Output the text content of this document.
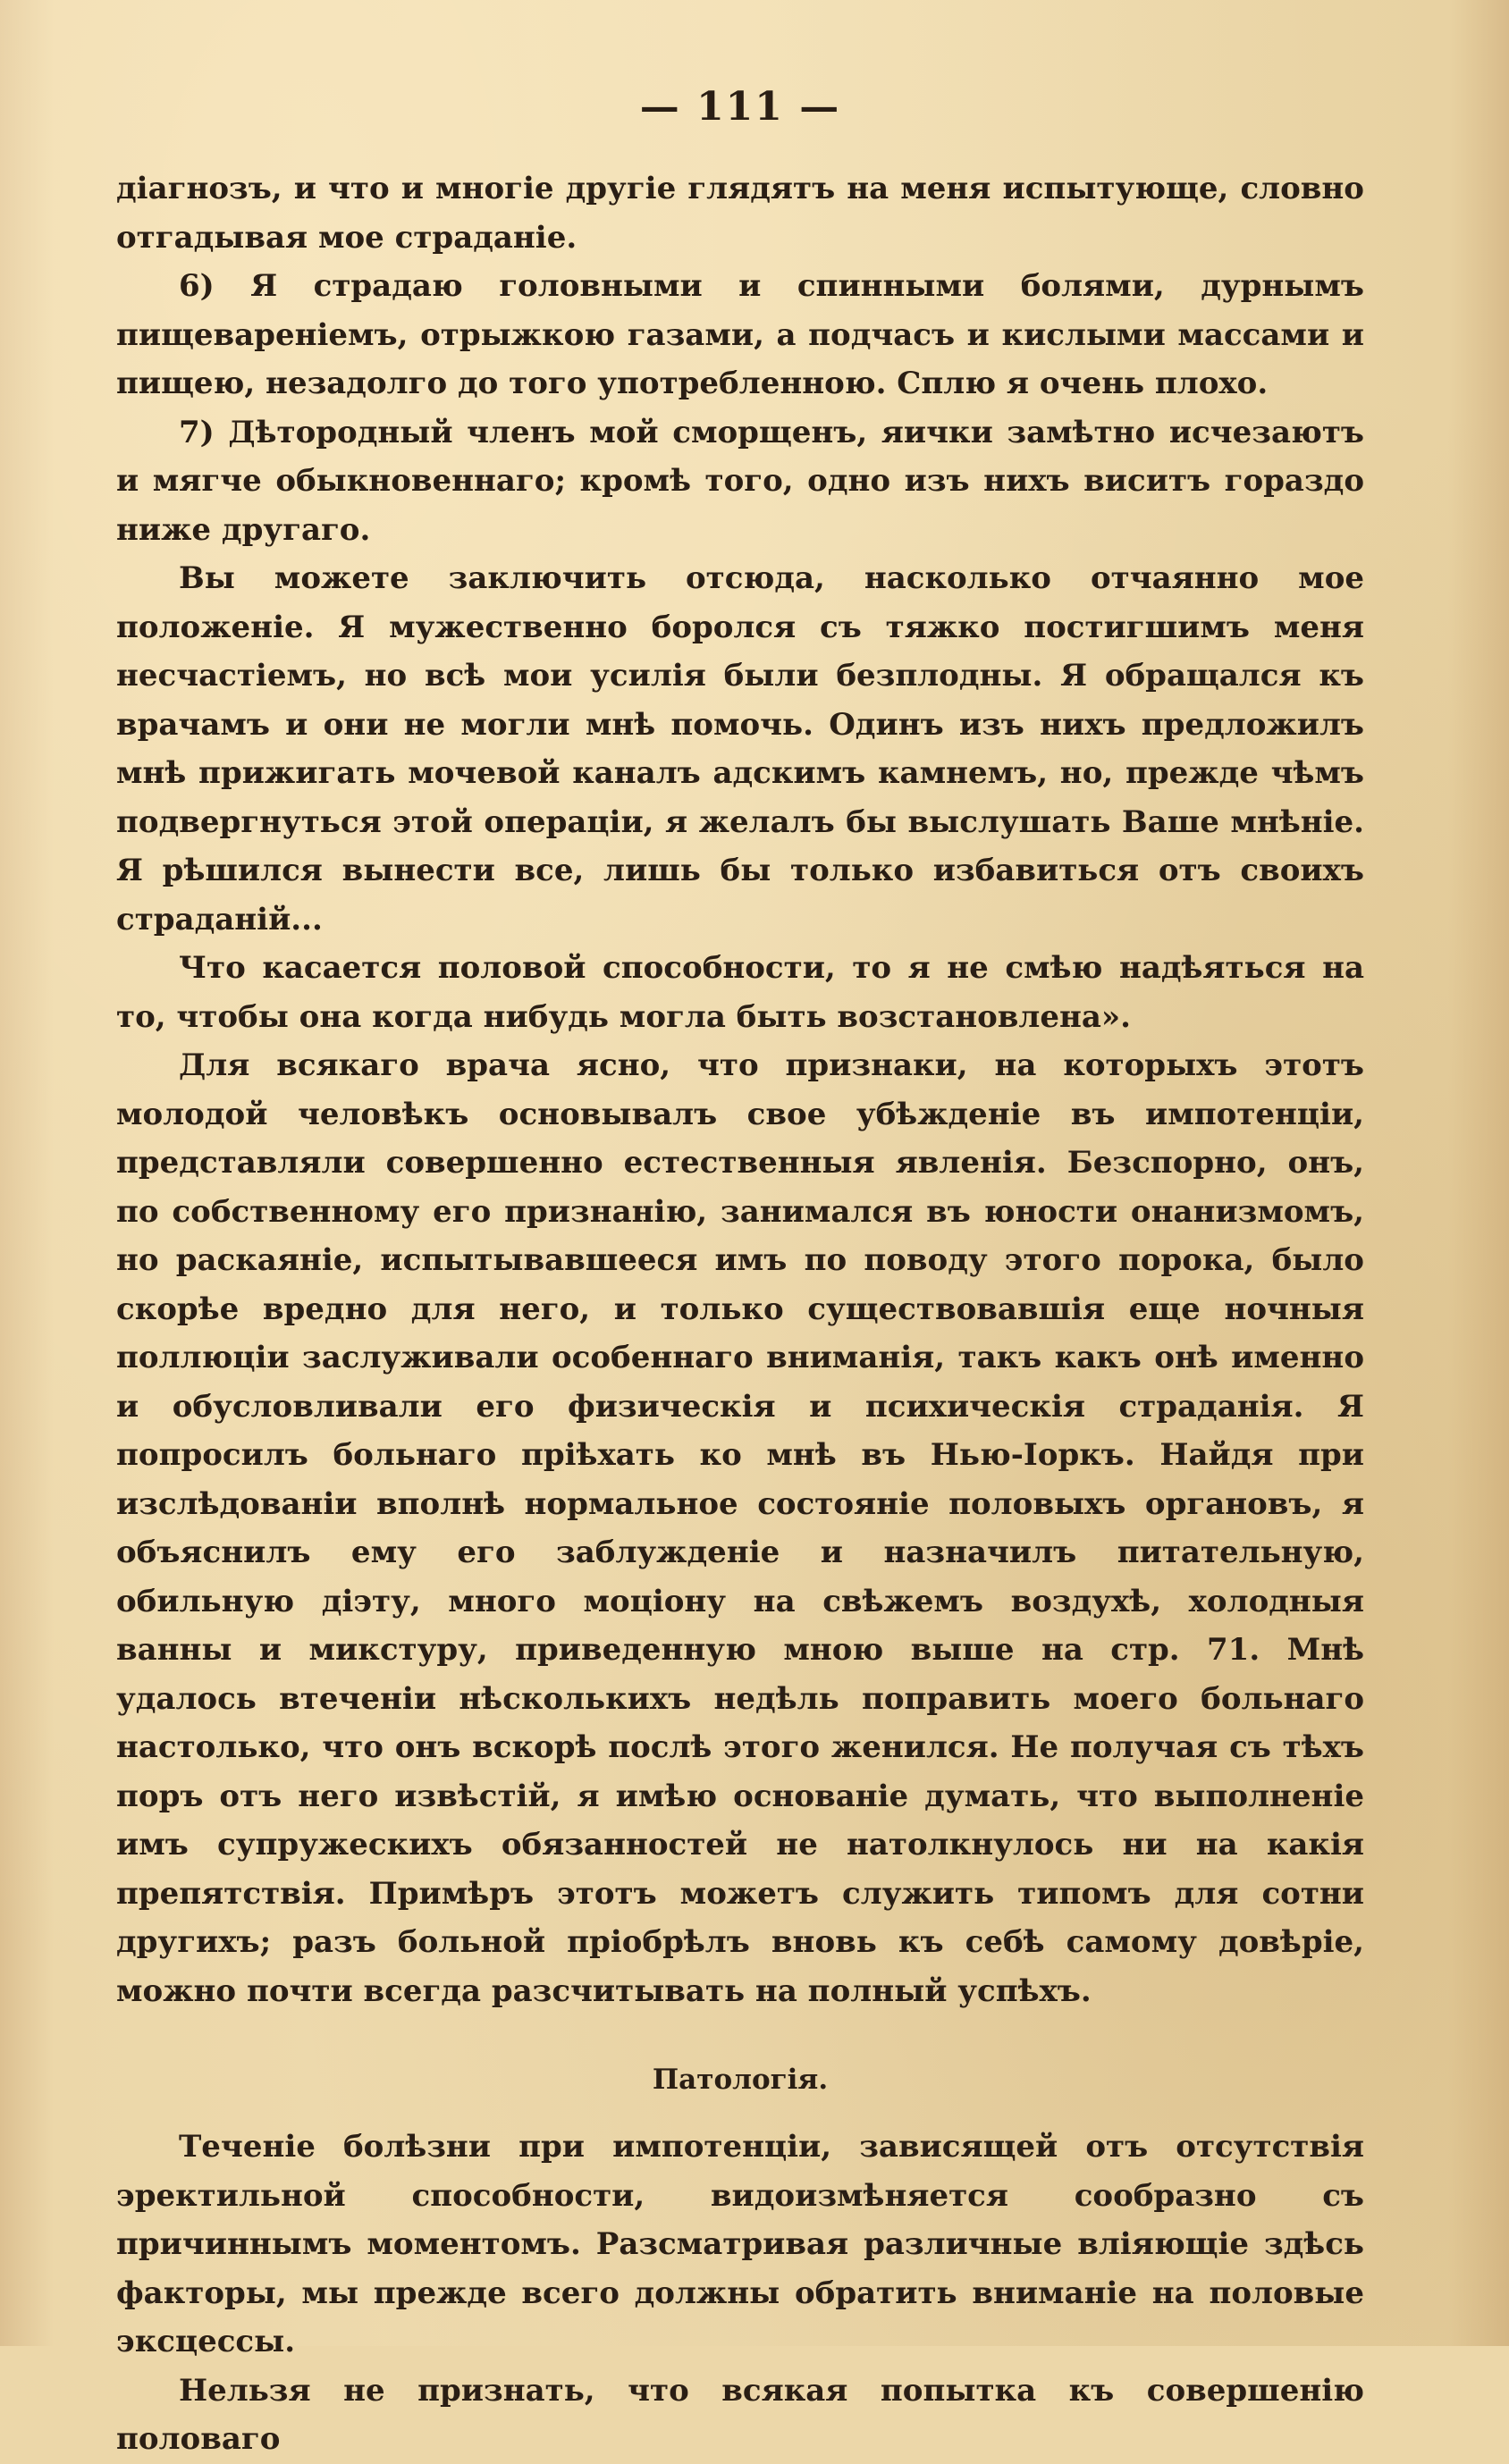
— 111 —

діагнозъ, и что и многіе другіе глядятъ на меня испытующе, словно отгадывая мое страданіе.

6) Я страдаю головными и спинными болями, дурнымъ пищевареніемъ, отрыжкою газами, а подчасъ и кислыми массами и пищею, незадолго до того употребленною. Сплю я очень плохо.

7) Дѣтородный членъ мой сморщенъ, яички замѣтно исчезаютъ и мягче обыкновеннаго; кромѣ того, одно изъ нихъ виситъ гораздо ниже другаго.

Вы можете заключить отсюда, насколько отчаянно мое положеніе. Я мужественно боролся съ тяжко постигшимъ меня несчастіемъ, но всѣ мои усилія были безплодны. Я обращался къ врачамъ и они не могли мнѣ помочь. Одинъ изъ нихъ предложилъ мнѣ прижигать мочевой каналъ адскимъ камнемъ, но, прежде чѣмъ подвергнуться этой операціи, я желалъ бы выслушать Ваше мнѣніе. Я рѣшился вынести все, лишь бы только избавиться отъ своихъ страданій...

Что касается половой способности, то я не смѣю надѣяться на то, чтобы она когда нибудь могла быть возстановлена».

Для всякаго врача ясно, что признаки, на которыхъ этотъ молодой человѣкъ основывалъ свое убѣжденіе въ импотенціи, представляли совершенно естественныя явленія. Безспорно, онъ, по собственному его признанію, занимался въ юности онанизмомъ, но раскаяніе, испытывавшееся имъ по поводу этого порока, было скорѣе вредно для него, и только существовавшія еще ночныя поллюціи заслуживали особеннаго вниманія, такъ какъ онѣ именно и обусловливали его физическія и психическія страданія. Я попросилъ больнаго пріѣхать ко мнѣ въ Нью-Іоркъ. Найдя при изслѣдованіи вполнѣ нормальное состояніе половыхъ органовъ, я объяснилъ ему его заблужденіе и назначилъ питательную, обильную діэту, много моціону на свѣжемъ воздухѣ, холодныя ванны и микстуру, приведенную мною выше на стр. 71. Мнѣ удалось втеченіи нѣсколькихъ недѣль поправить моего больнаго настолько, что онъ вскорѣ послѣ этого женился. Не получая съ тѣхъ поръ отъ него извѣстій, я имѣю основаніе думать, что выполненіе имъ супружескихъ обязанностей не натолкнулось ни на какія препятствія. Примѣръ этотъ можетъ служить типомъ для сотни другихъ; разъ больной пріобрѣлъ вновь къ себѣ самому довѣріе, можно почти всегда разсчитывать на полный успѣхъ.

Патологія.

Теченіе болѣзни при импотенціи, зависящей отъ отсутствія эректильной способности, видоизмѣняется сообразно съ причиннымъ моментомъ. Разсматривая различные вліяющіе здѣсь факторы, мы прежде всего должны обратить вниманіе на половые эксцессы.

Нельзя не признать, что всякая попытка къ совершенію половаго
